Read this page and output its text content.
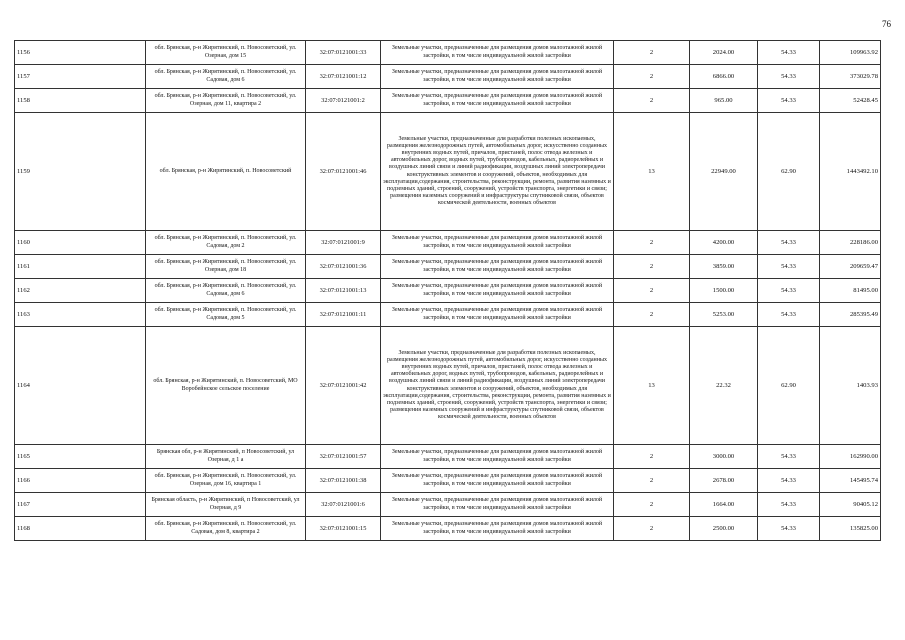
76
1156	обл. Брянская, р-н Жирятинский, п. Новосоветский, ул. Озерная, дом 15	32:07:0121001:33	Земельные участки, предназначенные для размещения домов малоэтажной жилой застройки, в том числе индивидуальной жилой застройки	2	2024.00	54.33	109963.92
1157	обл. Брянская, р-н Жирятинский, п. Новосоветский, ул. Садовая, дом 6	32:07:0121001:12	Земельные участки, предназначенные для размещения домов малоэтажной жилой застройки, в том числе индивидуальной жилой застройки	2	6866.00	54.33	373029.78
1158	обл. Брянская, р-н Жирятинский, п. Новосоветский, ул. Озерная, дом 11, квартира 2	32:07:0121001:2	Земельные участки, предназначенные для размещения домов малоэтажной жилой застройки, в том числе индивидуальной жилой застройки	2	965.00	54.33	52428.45
1159	обл. Брянская, р-н Жирятинский, п. Новосоветский	32:07:0121001:46	Земельные участки, предназначенные для разработки полезных ископаемых, размещения железнодорожных путей, автомобильных дорог, искусственно созданных внутренних водных путей, причалов, пристаней, полос отвода железных и автомобильных дорог, водных путей, трубопроводов, кабельных, радиорелейных и воздушных линий связи и линий радиофикации, воздушных линий электропередачи конструктивных элементов и сооружений, объектов, необходимых для эксплуатации,содержания, строительства, реконструкции, ремонта, развития наземных и подземных зданий, строений, сооружений, устройств транспорта, энергетики и связи; размещения наземных сооружений и инфраструктуры спутниковой связи, объектов космической деятельности, военных объектов	13	22949.00	62.90	1443492.10
1160	обл. Брянская, р-н Жирятинский, п. Новосоветский, ул. Садовая, дом 2	32:07:0121001:9	Земельные участки, предназначенные для размещения домов малоэтажной жилой застройки, в том числе индивидуальной жилой застройки	2	4200.00	54.33	228186.00
1161	обл. Брянская, р-н Жирятинский, п. Новосоветский, ул. Озерная, дом 18	32:07:0121001:36	Земельные участки, предназначенные для размещения домов малоэтажной жилой застройки, в том числе индивидуальной жилой застройки	2	3859.00	54.33	209659.47
1162	обл. Брянская, р-н Жирятинский, п. Новосоветский, ул. Садовая, дом 6	32:07:0121001:13	Земельные участки, предназначенные для размещения домов малоэтажной жилой застройки, в том числе индивидуальной жилой застройки	2	1500.00	54.33	81495.00
1163	обл. Брянская, р-н Жирятинский, п. Новосоветский, ул. Садовая, дом 5	32:07:0121001:11	Земельные участки, предназначенные для размещения домов малоэтажной жилой застройки, в том числе индивидуальной жилой застройки	2	5253.00	54.33	285395.49
1164	обл. Брянская, р-н Жирятинский, п. Новосоветский, МО Воробейнское сельское поселение	32:07:0121001:42	Земельные участки, предназначенные для разработки полезных ископаемых, размещения железнодорожных путей, автомобильных дорог, искусственно созданных внутренних водных путей, причалов, пристаней, полос отвода железных и автомобильных дорог, водных путей, трубопроводов, кабельных, радиорелейных и воздушных линий связи и линий радиофикации, воздушных линий электропередачи конструктивных элементов и сооружений, объектов, необходимых для эксплуатации,содержания, строительства, реконструкции, ремонта, развития наземных и подземных зданий, строений, сооружений, устройств транспорта, энергетики и связи; размещения наземных сооружений и инфраструктуры спутниковой связи, объектов космической деятельности, военных объектов	13	22.32	62.90	1403.93
1165	Брянская обл, р-н Жирятинский, п Новосоветский, ул Озерная, д 1 а	32:07:0121001:57	Земельные участки, предназначенные для размещения домов малоэтажной жилой застройки, в том числе индивидуальной жилой застройки	2	3000.00	54.33	162990.00
1166	обл. Брянская, р-н Жирятинский, п. Новосоветский, ул. Озерная, дом 16, квартира 1	32:07:0121001:38	Земельные участки, предназначенные для размещения домов малоэтажной жилой застройки, в том числе индивидуальной жилой застройки	2	2678.00	54.33	145495.74
1167	Брянская область, р-н Жирятинский, п Новосоветский, ул Озерная, д 9	32:07:0121001:6	Земельные участки, предназначенные для размещения домов малоэтажной жилой застройки, в том числе индивидуальной жилой застройки	2	1664.00	54.33	90405.12
1168	обл. Брянская, р-н Жирятинский, п. Новосоветский, ул. Садовая, дом 8, квартира 2	32:07:0121001:15	Земельные участки, предназначенные для размещения домов малоэтажной жилой застройки, в том числе индивидуальной жилой застройки	2	2500.00	54.33	135825.00
